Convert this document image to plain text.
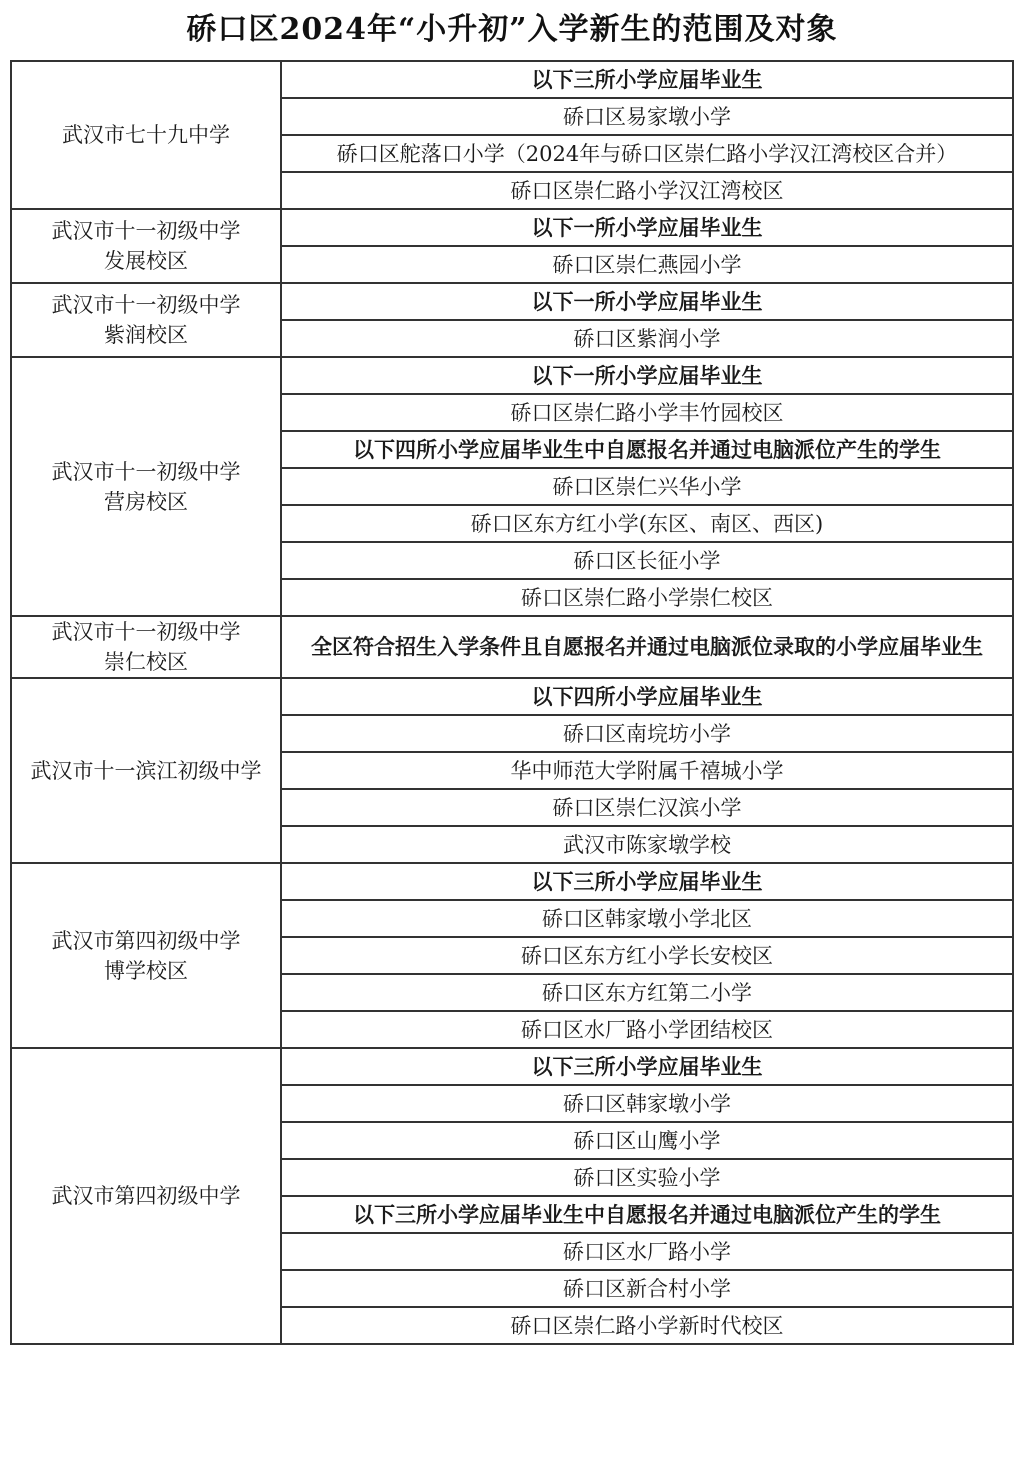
硚口区2024年“小升初”入学新生的范围及对象
武汉市七十九中学	以下三所小学应届毕业生
	硚口区易家墩小学
	硚口区舵落口小学（2024年与硚口区崇仁路小学汉江湾校区合并）
	硚口区崇仁路小学汉江湾校区

武汉市十一初级中学
发展校区	以下一所小学应届毕业生
	硚口区崇仁燕园小学

武汉市十一初级中学
紫润校区	以下一所小学应届毕业生
	硚口区紫润小学

武汉市十一初级中学
营房校区	以下一所小学应届毕业生
	硚口区崇仁路小学丰竹园校区
	以下四所小学应届毕业生中自愿报名并通过电脑派位产生的学生
	硚口区崇仁兴华小学
	硚口区东方红小学(东区、南区、西区)
	硚口区长征小学
	硚口区崇仁路小学崇仁校区

武汉市十一初级中学
崇仁校区	全区符合招生入学条件且自愿报名并通过电脑派位录取的小学应届毕业生

武汉市十一滨江初级中学	以下四所小学应届毕业生
	硚口区南垸坊小学
	华中师范大学附属千禧城小学
	硚口区崇仁汉滨小学
	武汉市陈家墩学校

武汉市第四初级中学
博学校区	以下三所小学应届毕业生
	硚口区韩家墩小学北区
	硚口区东方红小学长安校区
	硚口区东方红第二小学
	硚口区水厂路小学团结校区

武汉市第四初级中学	以下三所小学应届毕业生
	硚口区韩家墩小学
	硚口区山鹰小学
	硚口区实验小学
	以下三所小学应届毕业生中自愿报名并通过电脑派位产生的学生
	硚口区水厂路小学
	硚口区新合村小学
	硚口区崇仁路小学新时代校区
